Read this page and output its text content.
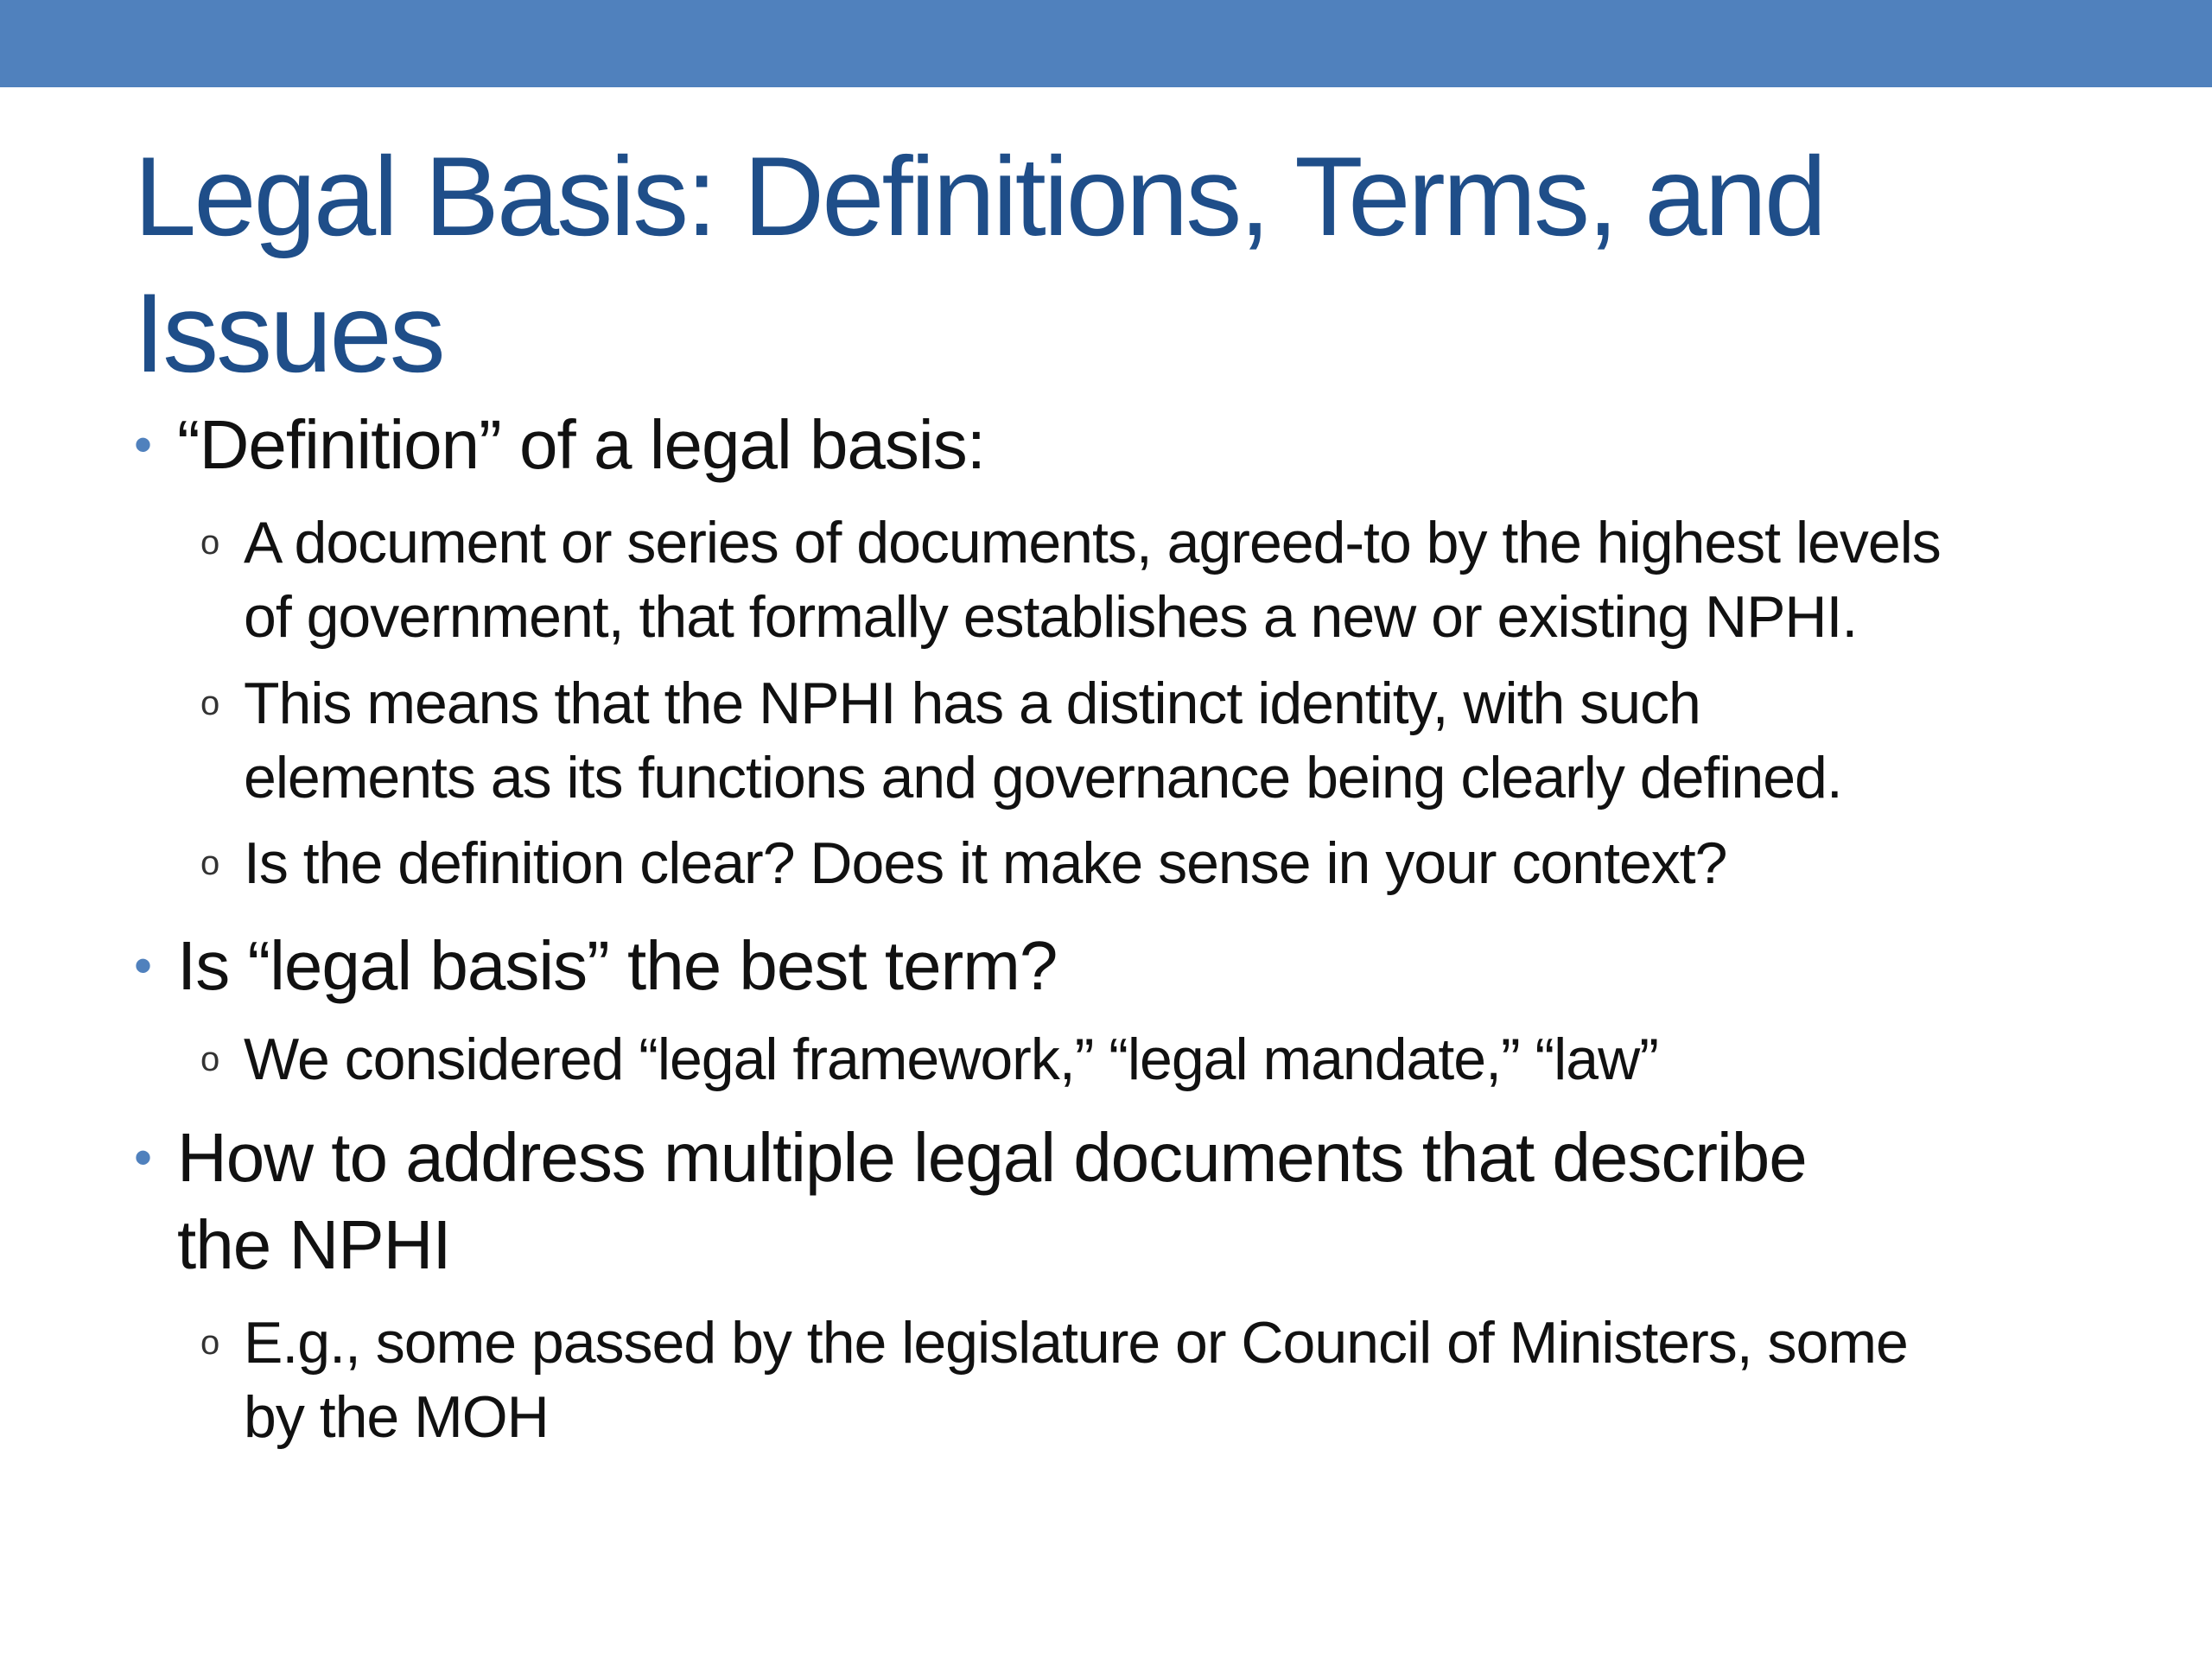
Legal Basis: Definitions, Terms, and
Issues
• “Definition” of a legal basis:
o A document or series of documents, agreed-to by the highest levels
of government, that formally establishes a new or existing NPHI.
o This means that the NPHI has a distinct identity, with such
elements as its functions and governance being clearly defined.
o Is the definition clear? Does it make sense in your context?
• Is “legal basis” the best term?
o We considered “legal framework,” “legal mandate,” “law”
• How to address multiple legal documents that describe
the NPHI
o E.g., some passed by the legislature or Council of Ministers, some
by the MOH
